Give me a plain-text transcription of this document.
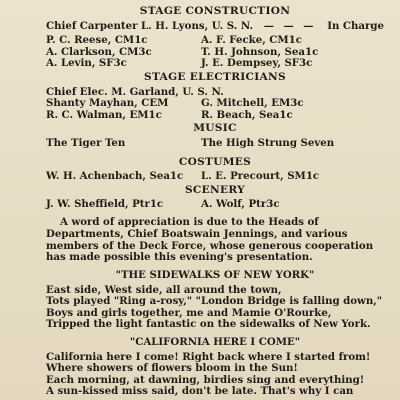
STAGE CONSTRUCTION
Chief Carpenter L. H. Lyons, U. S. N.	— — —	In Charge
P. C. Reese, CM1c	A. F. Fecke, CM1c
A. Clarkson, CM3c	T. H. Johnson, Sea1c
A. Levin, SF3c	J. E. Dempsey, SF3c
STAGE ELECTRICIANS
Chief Elec. M. Garland, U. S. N.
Shanty Mayhan, CEM	G. Mitchell, EM3c
R. C. Walman, EM1c	R. Beach, Sea1c
MUSIC
The Tiger Ten	The High Strung Seven
COSTUMES
W. H. Achenbach, Sea1c	L. E. Precourt, SM1c
SCENERY
J. W. Sheffield, Ptr1c	A. Wolf, Ptr3c
A word of appreciation is due to the Heads of Departments, Chief Boatswain Jennings, and various members of the Deck Force, whose generous cooperation has made possible this evening's presentation.
"THE SIDEWALKS OF NEW YORK"
East side, West side, all around the town,
Tots played "Ring a-rosy," "London Bridge is falling down,"
Boys and girls together, me and Mamie O'Rourke,
Tripped the light fantastic on the sidewalks of New York.
"CALIFORNIA HERE I COME"
California here I come! Right back where I started from!
Where showers of flowers bloom in the Sun!
Each morning, at dawning, birdies sing and everything!
A sun-kissed miss said, don't be late. That's why I can
